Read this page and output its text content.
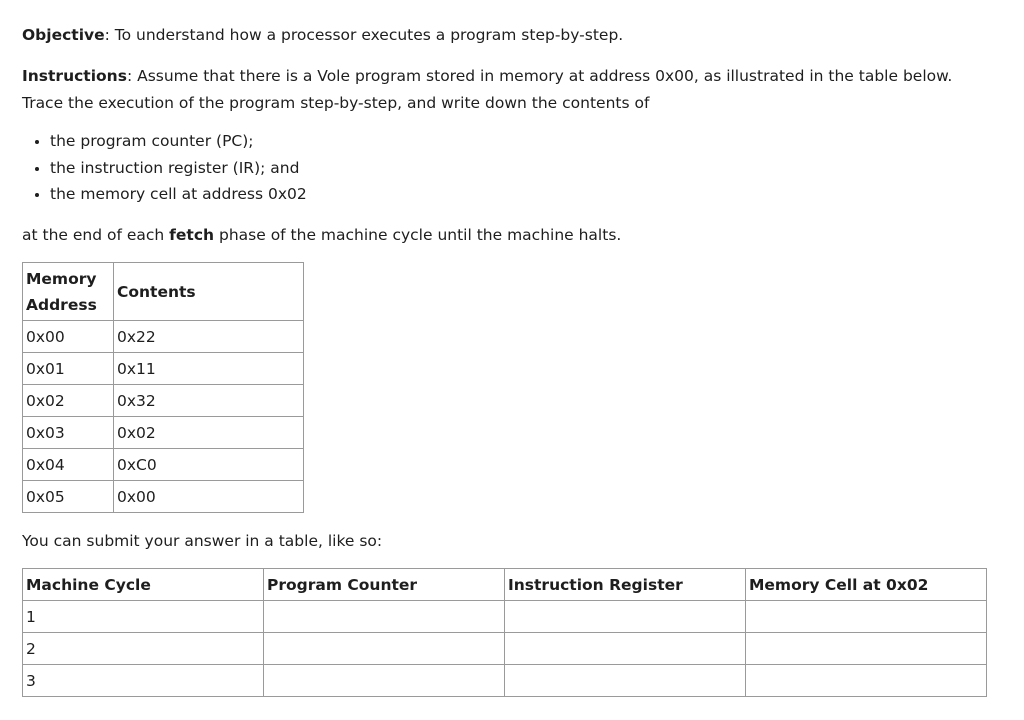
Objective: To understand how a processor executes a program step-by-step.
Instructions: Assume that there is a Vole program stored in memory at address 0x00, as illustrated in the table below. Trace the execution of the program step-by-step, and write down the contents of
the program counter (PC);
the instruction register (IR); and
the memory cell at address 0x02
at the end of each fetch phase of the machine cycle until the machine halts.
Memory Address	Contents
0x00	0x22
0x01	0x11
0x02	0x32
0x03	0x02
0x04	0xC0
0x05	0x00
You can submit your answer in a table, like so:
Machine Cycle	Program Counter	Instruction Register	Memory Cell at 0x02
1			
2			
3			
